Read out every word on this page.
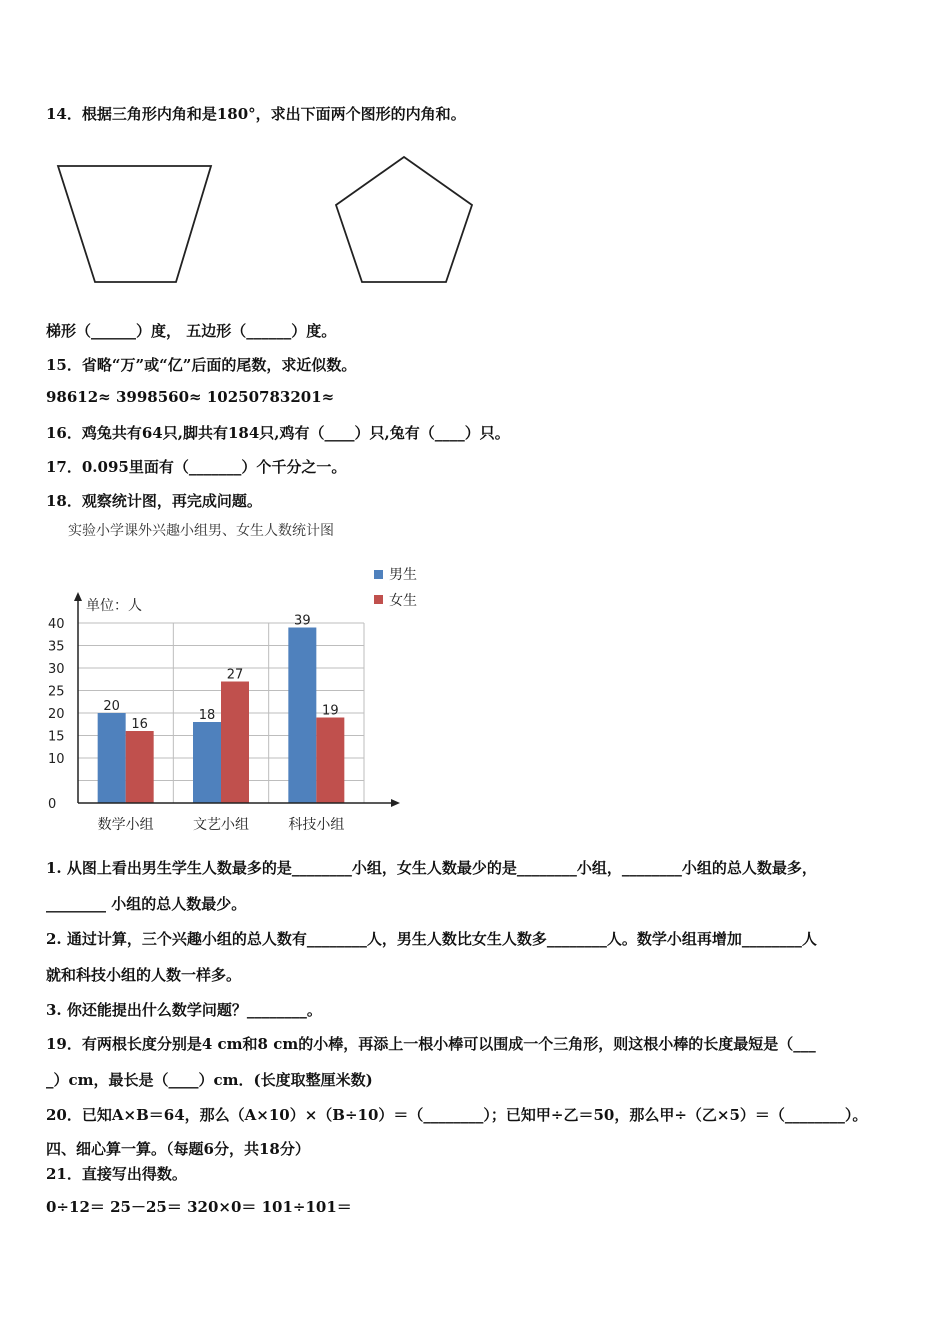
14．根据三角形内角和是180°，求出下面两个图形的内角和。
梯形（______）度， 五边形（______）度。
15．省略“万”或“亿”后面的尾数，求近似数。
98612≈ 3998560≈ 10250783201≈
16．鸡兔共有64只,脚共有184只,鸡有（____）只,兔有（____）只。
17．0.095里面有（_______）个千分之一。
18．观察统计图，再完成问题。
实验小学课外兴趣小组男、女生人数统计图
0
10
15
20
25
30
35
40
20
16
数学小组
18
27
文艺小组
39
19
科技小组
单位：人
男生
女生
1. 从图上看出男生学生人数最多的是________小组，女生人数最少的是________小组，________小组的总人数最多，
________ 小组的总人数最少。
2. 通过计算，三个兴趣小组的总人数有________人，男生人数比女生人数多________人。数学小组再增加________人
就和科技小组的人数一样多。
3. 你还能提出什么数学问题？________。
19．有两根长度分别是4 cm和8 cm的小棒，再添上一根小棒可以围成一个三角形，则这根小棒的长度最短是（___
_）cm，最长是（____）cm．(长度取整厘米数)
20．已知A×B＝64，那么（A×10）×（B÷10）＝（________）；已知甲÷乙＝50，那么甲÷（乙×5）＝（________）。
四、细心算一算。（每题6分，共18分）
21．直接写出得数。
0÷12＝ 25－25＝ 320×0＝ 101÷101＝
